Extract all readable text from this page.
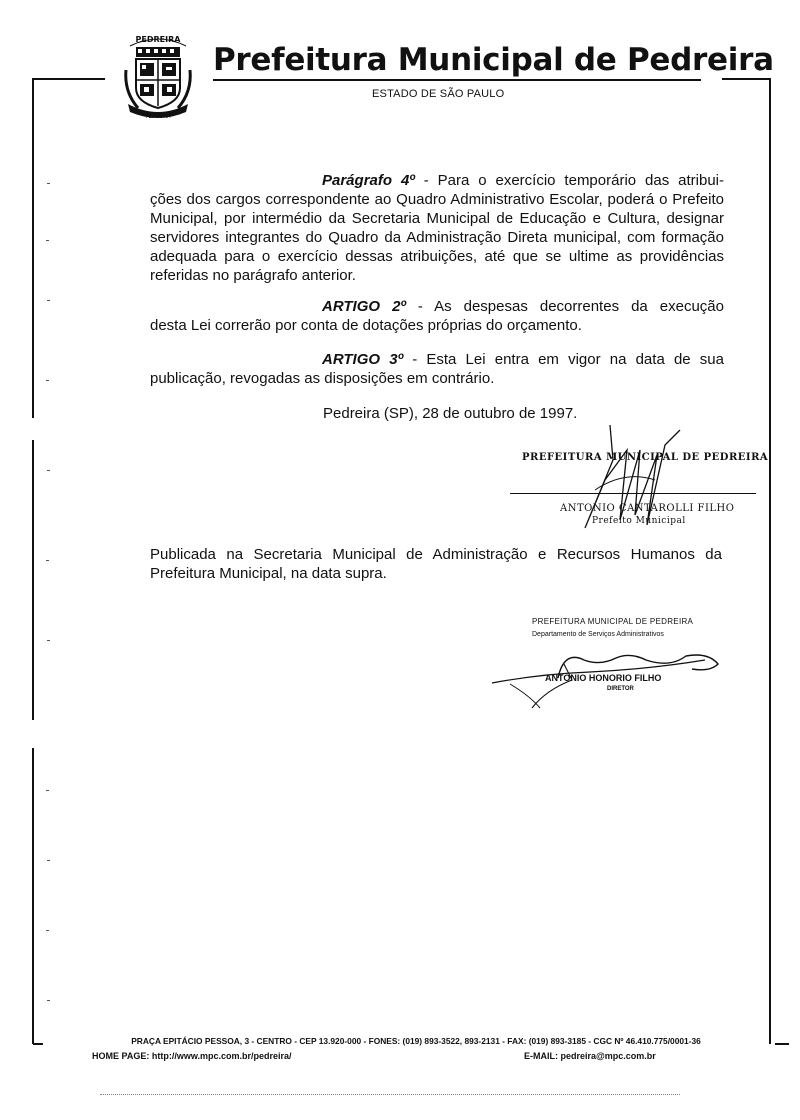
PEDREIRA
PEDREIRA
Prefeitura Municipal de Pedreira
ESTADO DE SÃO PAULO
Parágrafo 4º - Para o exercício temporário das atribui-
ções dos cargos correspondente ao Quadro Administrativo Escolar, poderá o Prefeito Municipal, por intermédio da Secretaria Municipal de Educação e Cultura, designar servidores integrantes do Quadro da Administração Direta municipal, com formação adequada para o exercício dessas atribuições, até que se ultime as providências referidas no parágrafo anterior.
ARTIGO 2º - As despesas decorrentes da execução
desta Lei correrão por conta de dotações próprias do orçamento.
ARTIGO 3º - Esta Lei entra em vigor na data de sua
publicação, revogadas as disposições em contrário.
Pedreira (SP), 28 de outubro de 1997.
PREFEITURA MUNICIPAL DE PEDREIRA
ANTONIO CANTAROLLI FILHO
Prefeito Municipal
Publicada na Secretaria Municipal de Administração e Recursos Humanos da Prefeitura Municipal, na data supra.
PREFEITURA MUNICIPAL DE PEDREIRA
Departamento de Serviços Administrativos
ANTONIO HONORIO FILHO
DIRETOR
PRAÇA EPITÁCIO PESSOA, 3 - CENTRO - CEP 13.920-000 - FONES: (019) 893-3522, 893-2131 - FAX: (019) 893-3185 - CGC Nº 46.410.775/0001-36
HOME PAGE: http://www.mpc.com.br/pedreira/	E-MAIL: pedreira@mpc.com.br
